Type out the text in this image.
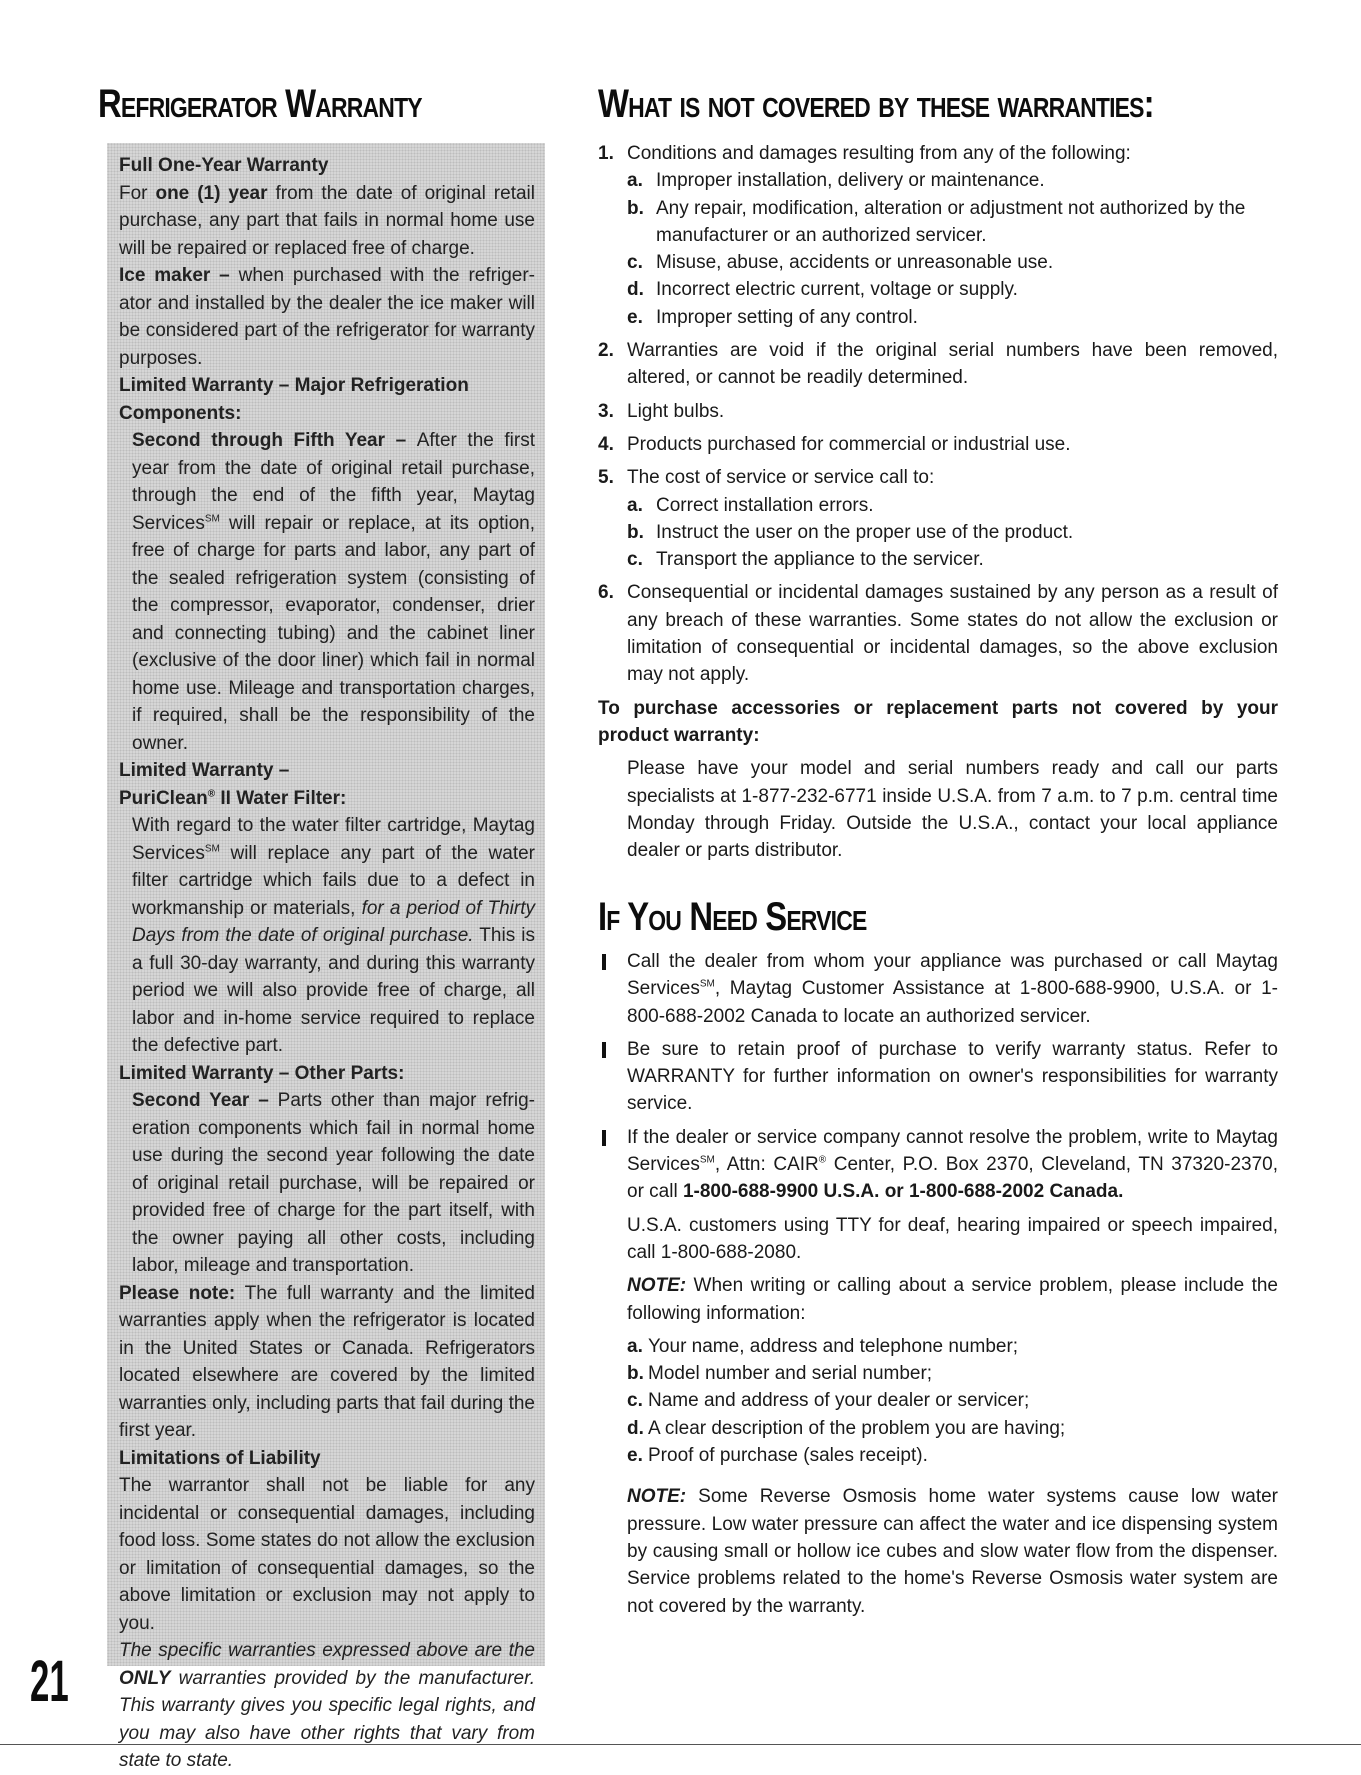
Refrigerator Warranty	What is not covered by these warranties:
If You Need Service
Full One-Year Warranty

For one (1) year from the date of original retail purchase, any part that fails in normal home use will be repaired or replaced free of charge.

Ice maker – when purchased with the refrigerator and installed by the dealer the ice maker will be considered part of the refrigerator for warranty purposes.

Limited Warranty – Major Refrigeration Components:

Second through Fifth Year – After the first year from the date of original retail purchase, through the end of the fifth year, Maytag Services℠ will repair or replace, at its option, free of charge for parts and labor, any part of the sealed refrigeration system (consisting of the compressor, evaporator, condenser, drier and connecting tubing) and the cabinet liner (exclusive of the door liner) which fail in normal home use. Mileage and transportation charges, if required, shall be the responsibility of the owner.

Limited Warranty –
PuriClean® II Water Filter:

With regard to the water filter cartridge, Maytag Services℠ will replace any part of the water filter cartridge which fails due to a defect in workmanship or materials, for a period of Thirty Days from the date of original purchase. This is a full 30-day warranty, and during this warranty period we will also provide free of charge, all labor and in-home service required to replace the defective part.

Limited Warranty – Other Parts:

Second Year – Parts other than major refrigeration components which fail in normal home use during the second year following the date of original retail purchase, will be repaired or provided free of charge for the part itself, with the owner paying all other costs, including labor, mileage and transportation.

Please note: The full warranty and the limited warranties apply when the refrigerator is located in the United States or Canada. Refrigerators located elsewhere are covered by the limited warranties only, including parts that fail during the first year.

Limitations of Liability

The warrantor shall not be liable for any incidental or consequential damages, including food loss. Some states do not allow the exclusion or limitation of consequential damages, so the above limitation or exclusion may not apply to you.

The specific warranties expressed above are the ONLY warranties provided by the manufacturer. This warranty gives you specific legal rights, and you may also have other rights that vary from state to state.

1. Conditions and damages resulting from any of the following:

a. Improper installation, delivery or maintenance.

b. Any repair, modification, alteration or adjustment not authorized by the manufacturer or an authorized servicer.

c. Misuse, abuse, accidents or unreasonable use.

d. Incorrect electric current, voltage or supply.

e. Improper setting of any control.

2. Warranties are void if the original serial numbers have been removed, altered, or cannot be readily determined.

3. Light bulbs.

4. Products purchased for commercial or industrial use.

5. The cost of service or service call to:

a. Correct installation errors.

b. Instruct the user on the proper use of the product.

c. Transport the appliance to the servicer.

6. Consequential or incidental damages sustained by any person as a result of any breach of these warranties. Some states do not allow the exclusion or limitation of consequential or incidental damages, so the above exclusion may not apply.

To purchase accessories or replacement parts not covered by your product warranty:

Please have your model and serial numbers ready and call our parts specialists at 1-877-232-6771 inside U.S.A. from 7 a.m. to 7 p.m. central time Monday through Friday. Outside the U.S.A., contact your local appliance dealer or parts distributor.

Call the dealer from whom your appliance was purchased or call Maytag Services℠, Maytag Customer Assistance at 1-800-688-9900, U.S.A. or 1-800-688-2002 Canada to locate an authorized servicer.

Be sure to retain proof of purchase to verify warranty status. Refer to WARRANTY for further information on owner's responsibilities for warranty service.

If the dealer or service company cannot resolve the problem, write to Maytag Services℠, Attn: CAIR® Center, P.O. Box 2370, Cleveland, TN 37320-2370, or call 1-800-688-9900 U.S.A. or 1-800-688-2002 Canada.

U.S.A. customers using TTY for deaf, hearing impaired or speech impaired, call 1-800-688-2080.

NOTE: When writing or calling about a service problem, please include the following information:

a. Your name, address and telephone number;

b. Model number and serial number;

c. Name and address of your dealer or servicer;

d. A clear description of the problem you are having;

e. Proof of purchase (sales receipt).

NOTE: Some Reverse Osmosis home water systems cause low water pressure. Low water pressure can affect the water and ice dispensing system by causing small or hollow ice cubes and slow water flow from the dispenser. Service problems related to the home's Reverse Osmosis water system are not covered by the warranty.

21
